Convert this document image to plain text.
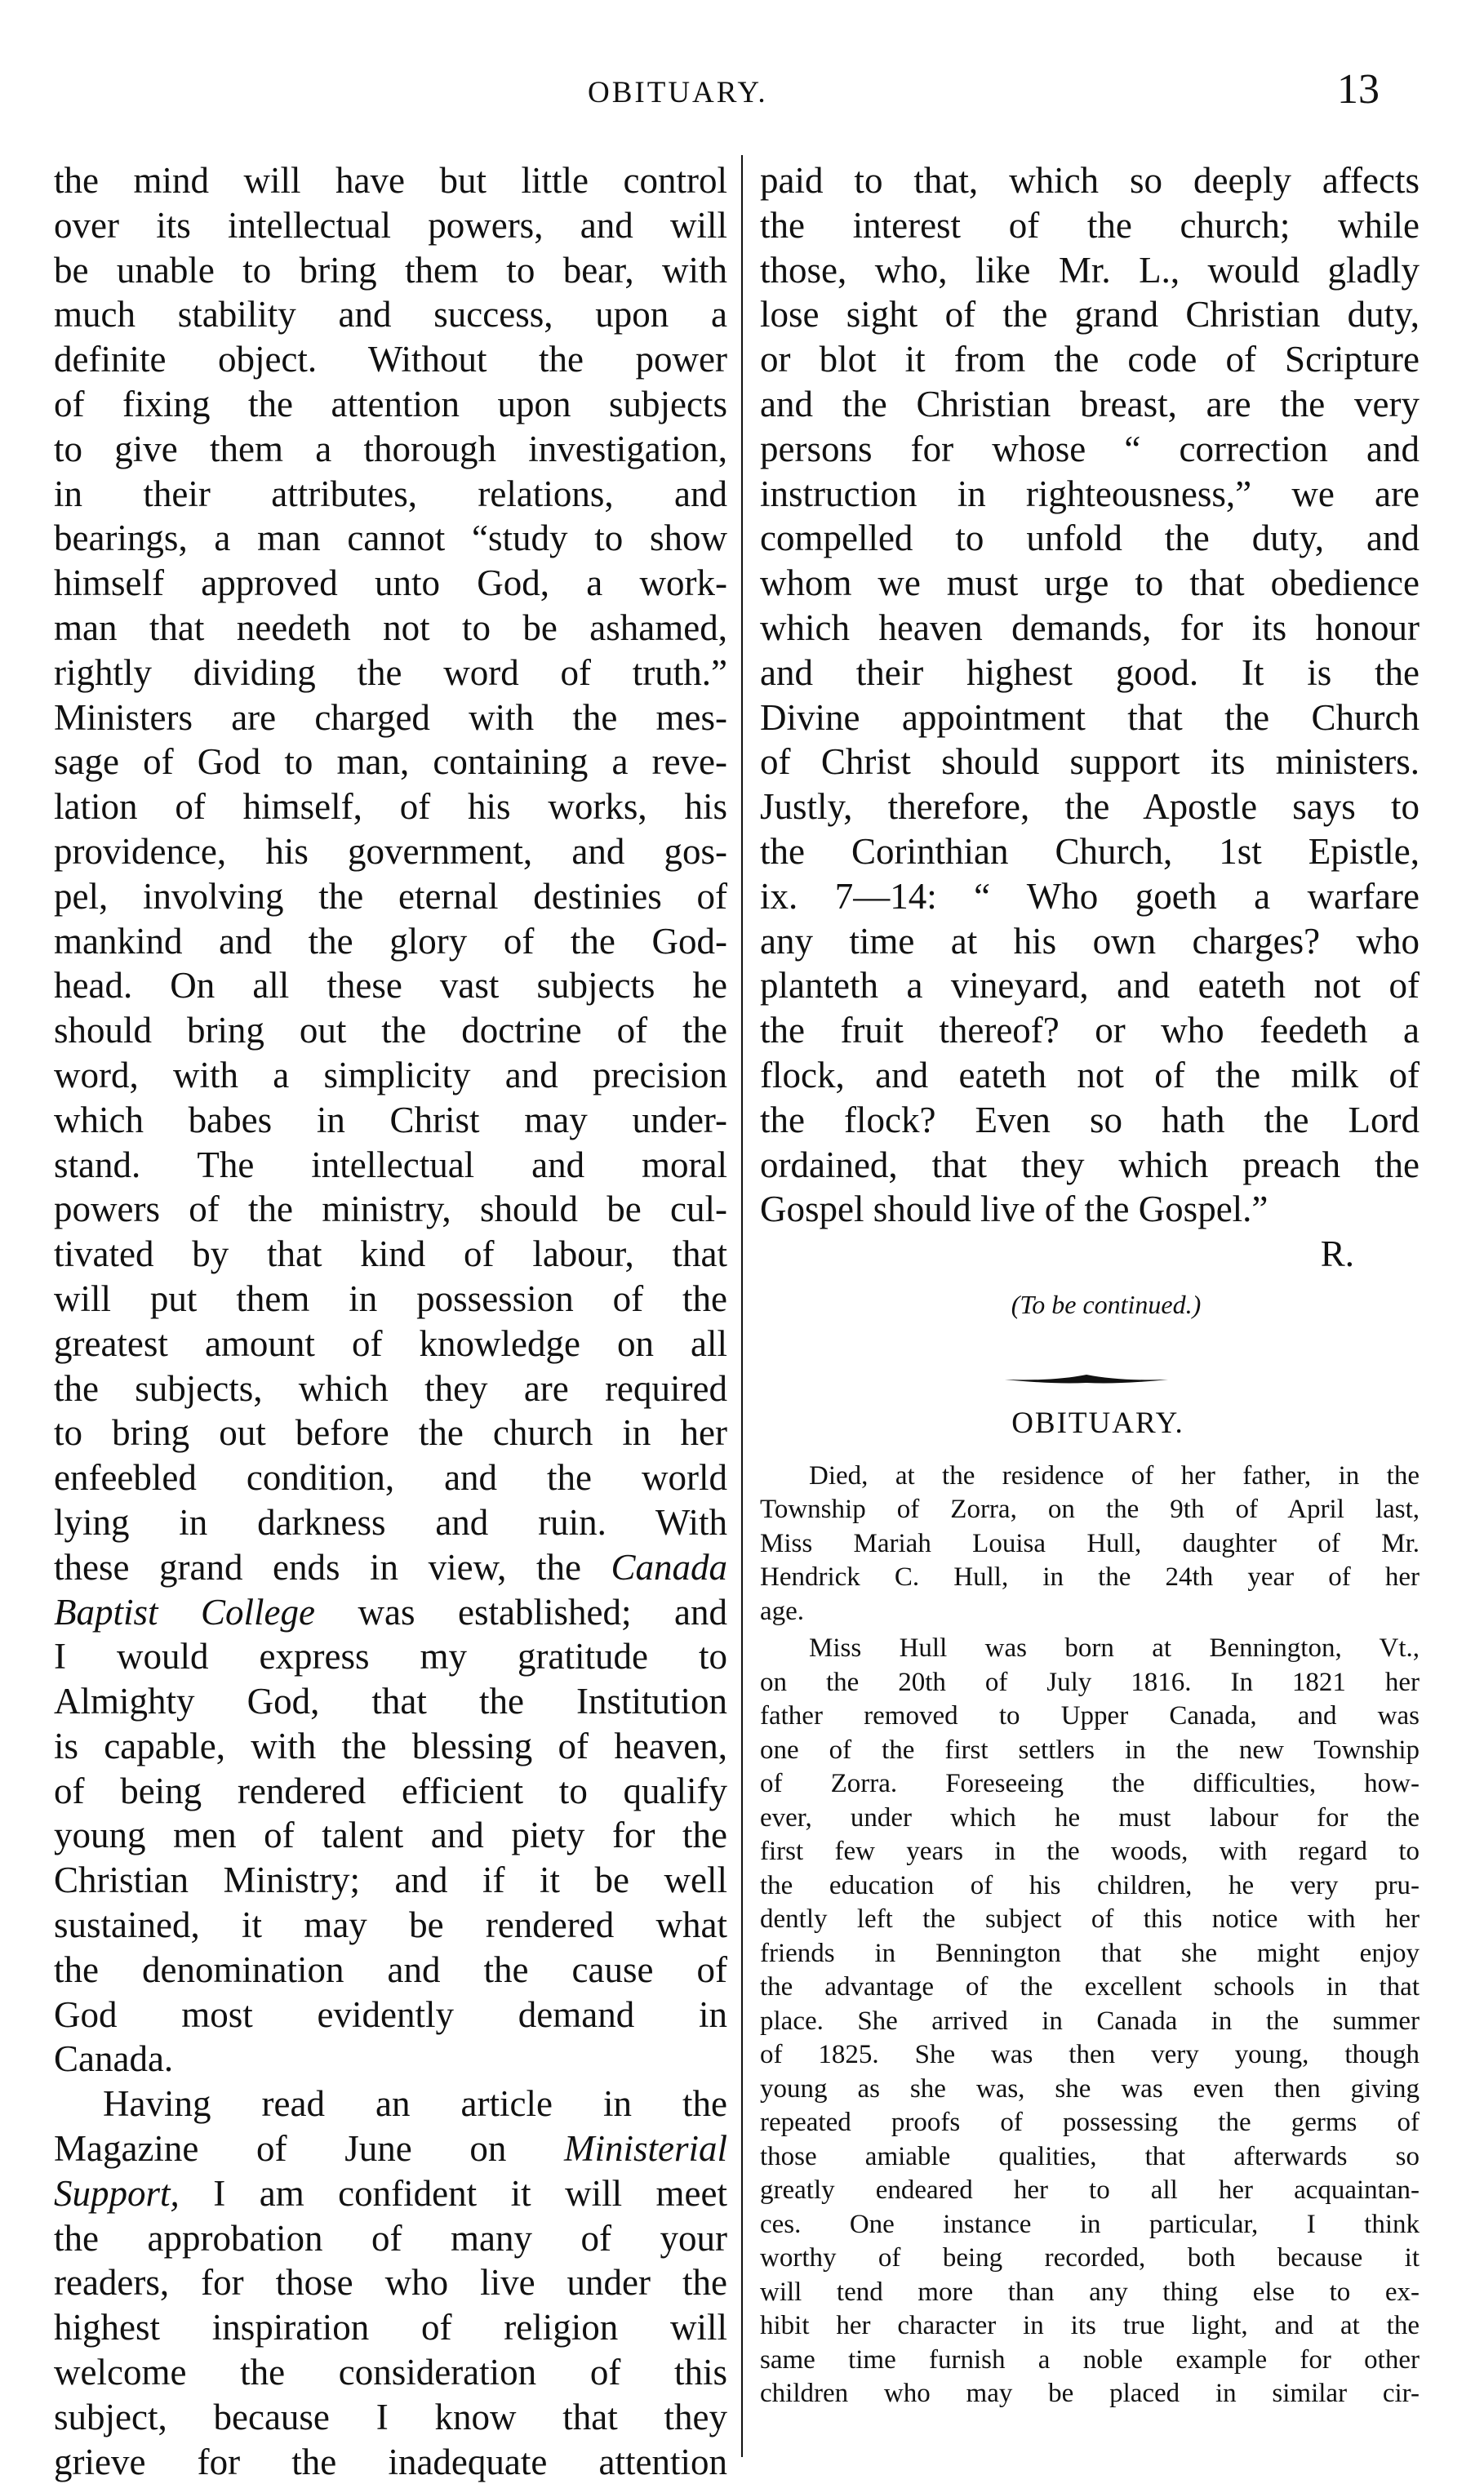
OBITUARY.	13
the mind will have but little control
over its intellectual powers, and will
be unable to bring them to bear, with
much stability and success, upon a
definite object. Without the power
of fixing the attention upon subjects
to give them a thorough investigation,
in their attributes, relations, and
bearings, a man cannot “study to show
himself approved unto God, a work-
man that needeth not to be ashamed,
rightly dividing the word of truth.”
Ministers are charged with the mes-
sage of God to man, containing a reve-
lation of himself, of his works, his
providence, his government, and gos-
pel, involving the eternal destinies of
mankind and the glory of the God-
head. On all these vast subjects he
should bring out the doctrine of the
word, with a simplicity and precision
which babes in Christ may under-
stand. The intellectual and moral
powers of the ministry, should be cul-
tivated by that kind of labour, that
will put them in possession of the
greatest amount of knowledge on all
the subjects, which they are required
to bring out before the church in her
enfeebled condition, and the world
lying in darkness and ruin. With
these grand ends in view, the Canada
Baptist College was established; and
I would express my gratitude to
Almighty God, that the Institution
is capable, with the blessing of heaven,
of being rendered efficient to qualify
young men of talent and piety for the
Christian Ministry; and if it be well
sustained, it may be rendered what
the denomination and the cause of
God most evidently demand in
Canada.
Having read an article in the
Magazine of June on Ministerial
Support, I am confident it will meet
the approbation of many of your
readers, for those who live under the
highest inspiration of religion will
welcome the consideration of this
subject, because I know that they
grieve for the inadequate attention
paid to that, which so deeply affects
the interest of the church; while
those, who, like Mr. L., would gladly
lose sight of the grand Christian duty,
or blot it from the code of Scripture
and the Christian breast, are the very
persons for whose “ correction and
instruction in righteousness,” we are
compelled to unfold the duty, and
whom we must urge to that obedience
which heaven demands, for its honour
and their highest good. It is the
Divine appointment that the Church
of Christ should support its ministers.
Justly, therefore, the Apostle says to
the Corinthian Church, 1st Epistle,
ix. 7—14: “ Who goeth a warfare
any time at his own charges? who
planteth a vineyard, and eateth not of
the fruit thereof? or who feedeth a
flock, and eateth not of the milk of
the flock? Even so hath the Lord
ordained, that they which preach the
Gospel should live of the Gospel.”
R.
(To be continued.)
OBITUARY.
Died, at the residence of her father, in the
Township of Zorra, on the 9th of April last,
Miss Mariah Louisa Hull, daughter of Mr.
Hendrick C. Hull, in the 24th year of her
age.
Miss Hull was born at Bennington, Vt.,
on the 20th of July 1816. In 1821 her
father removed to Upper Canada, and was
one of the first settlers in the new Township
of Zorra. Foreseeing the difficulties, how-
ever, under which he must labour for the
first few years in the woods, with regard to
the education of his children, he very pru-
dently left the subject of this notice with her
friends in Bennington that she might enjoy
the advantage of the excellent schools in that
place. She arrived in Canada in the summer
of 1825. She was then very young, though
young as she was, she was even then giving
repeated proofs of possessing the germs of
those amiable qualities, that afterwards so
greatly endeared her to all her acquaintan-
ces. One instance in particular, I think
worthy of being recorded, both because it
will tend more than any thing else to ex-
hibit her character in its true light, and at the
same time furnish a noble example for other
children who may be placed in similar cir-
